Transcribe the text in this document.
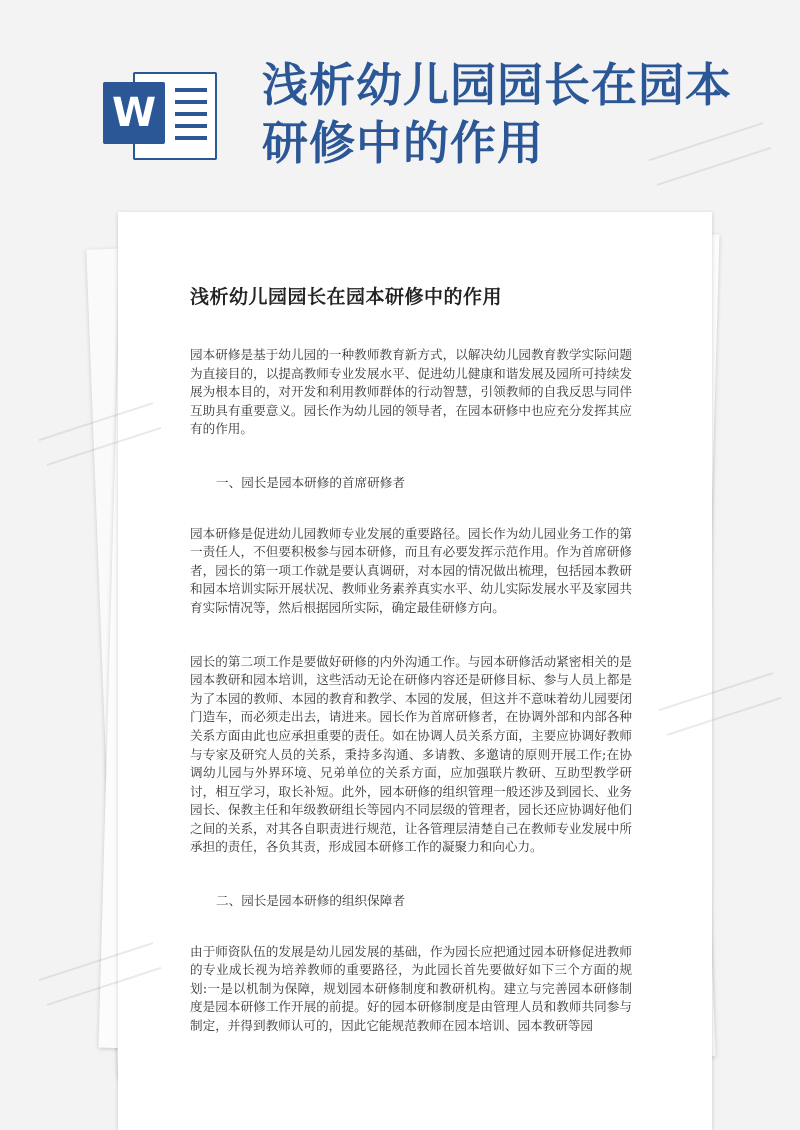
W
浅析幼儿园园长在园本研修中的作用
浅析幼儿园园长在园本研修中的作用

园本研修是基于幼儿园的一种教师教育新方式，以解决幼儿园教育教学实际问题为直接目的，以提高教师专业发展水平、促进幼儿健康和谐发展及园所可持续发展为根本目的，对开发和利用教师群体的行动智慧，引领教师的自我反思与同伴互助具有重要意义。园长作为幼儿园的领导者，在园本研修中也应充分发挥其应有的作用。

一、园长是园本研修的首席研修者

园本研修是促进幼儿园教师专业发展的重要路径。园长作为幼儿园业务工作的第一责任人，不但要积极参与园本研修，而且有必要发挥示范作用。作为首席研修者，园长的第一项工作就是要认真调研，对本园的情况做出梳理，包括园本教研和园本培训实际开展状况、教师业务素养真实水平、幼儿实际发展水平及家园共育实际情况等，然后根据园所实际，确定最佳研修方向。

园长的第二项工作是要做好研修的内外沟通工作。与园本研修活动紧密相关的是园本教研和园本培训，这些活动无论在研修内容还是研修目标、参与人员上都是为了本园的教师、本园的教育和教学、本园的发展，但这并不意味着幼儿园要闭门造车，而必须走出去，请进来。园长作为首席研修者，在协调外部和内部各种关系方面由此也应承担重要的责任。如在协调人员关系方面，主要应协调好教师与专家及研究人员的关系，秉持多沟通、多请教、多邀请的原则开展工作;在协调幼儿园与外界环境、兄弟单位的关系方面，应加强联片教研、互助型教学研讨，相互学习，取长补短。此外，园本研修的组织管理一般还涉及到园长、业务园长、保教主任和年级教研组长等园内不同层级的管理者，园长还应协调好他们之间的关系，对其各自职责进行规范，让各管理层清楚自己在教师专业发展中所承担的责任，各负其责，形成园本研修工作的凝聚力和向心力。

二、园长是园本研修的组织保障者

由于师资队伍的发展是幼儿园发展的基础，作为园长应把通过园本研修促进教师的专业成长视为培养教师的重要路径，为此园长首先要做好如下三个方面的规划:一是以机制为保障，规划园本研修制度和教研机构。建立与完善园本研修制度是园本研修工作开展的前提。好的园本研修制度是由管理人员和教师共同参与制定，并得到教师认可的，因此它能规范教师在园本培训、园本教研等园
